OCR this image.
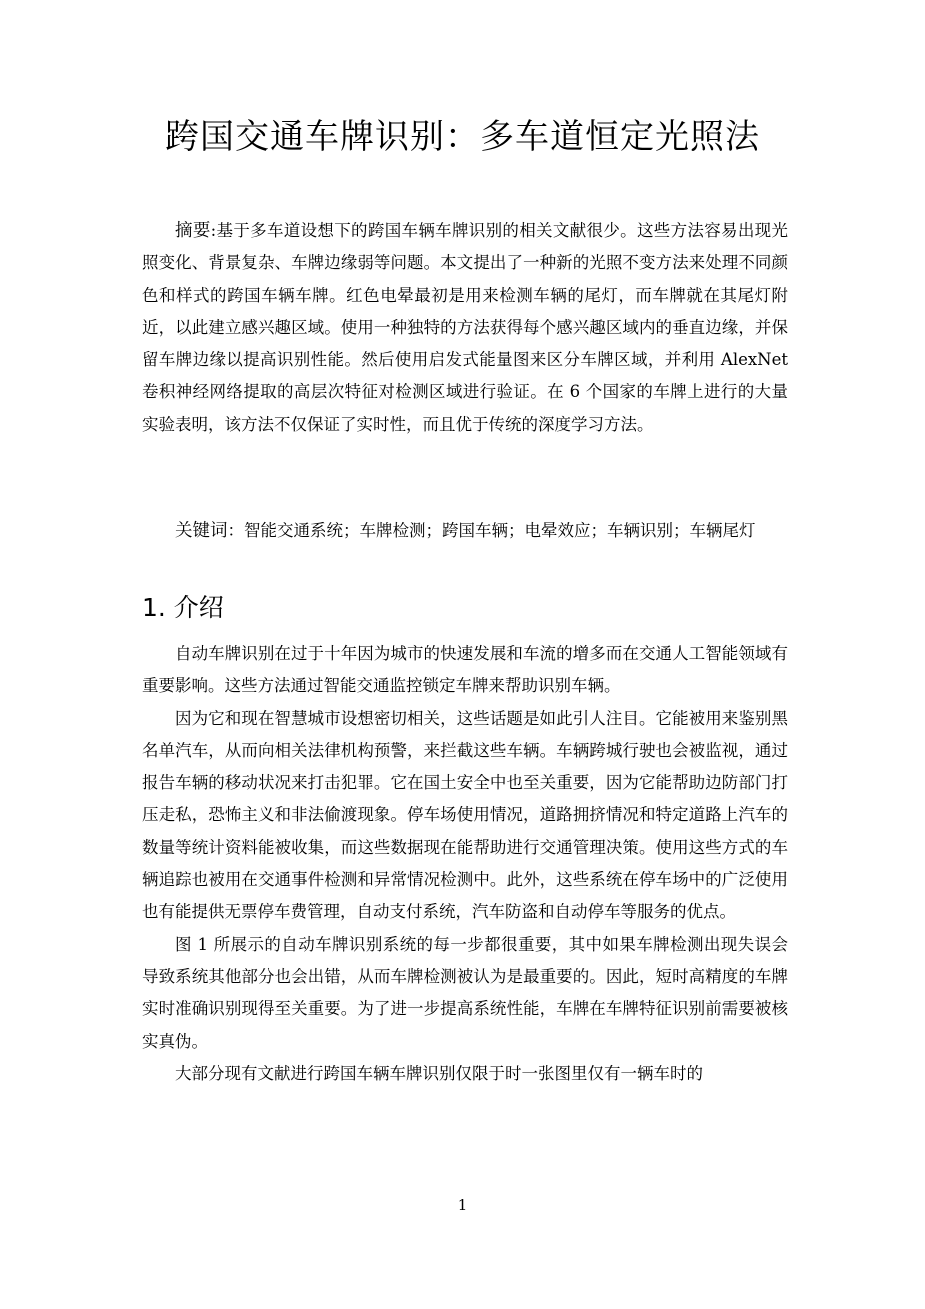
跨国交通车牌识别：多车道恒定光照法

摘要:基于多车道设想下的跨国车辆车牌识别的相关文献很少。这些方法容易出现光照变化、背景复杂、车牌边缘弱等问题。本文提出了一种新的光照不变方法来处理不同颜色和样式的跨国车辆车牌。红色电晕最初是用来检测车辆的尾灯，而车牌就在其尾灯附近，以此建立感兴趣区域。使用一种独特的方法获得每个感兴趣区域内的垂直边缘，并保留车牌边缘以提高识别性能。然后使用启发式能量图来区分车牌区域，并利用 AlexNet 卷积神经网络提取的高层次特征对检测区域进行验证。在 6 个国家的车牌上进行的大量实验表明，该方法不仅保证了实时性，而且优于传统的深度学习方法。

关键词：智能交通系统；车牌检测；跨国车辆；电晕效应；车辆识别；车辆尾灯

1. 介绍

自动车牌识别在过于十年因为城市的快速发展和车流的增多而在交通人工智能领域有重要影响。这些方法通过智能交通监控锁定车牌来帮助识别车辆。

因为它和现在智慧城市设想密切相关，这些话题是如此引人注目。它能被用来鉴别黑名单汽车，从而向相关法律机构预警，来拦截这些车辆。车辆跨城行驶也会被监视，通过报告车辆的移动状况来打击犯罪。它在国土安全中也至关重要，因为它能帮助边防部门打压走私，恐怖主义和非法偷渡现象。停车场使用情况，道路拥挤情况和特定道路上汽车的数量等统计资料能被收集，而这些数据现在能帮助进行交通管理决策。使用这些方式的车辆追踪也被用在交通事件检测和异常情况检测中。此外，这些系统在停车场中的广泛使用也有能提供无票停车费管理，自动支付系统，汽车防盗和自动停车等服务的优点。

图 1 所展示的自动车牌识别系统的每一步都很重要，其中如果车牌检测出现失误会导致系统其他部分也会出错，从而车牌检测被认为是最重要的。因此，短时高精度的车牌实时准确识别现得至关重要。为了进一步提高系统性能，车牌在车牌特征识别前需要被核实真伪。

大部分现有文献进行跨国车辆车牌识别仅限于时一张图里仅有一辆车时的

1
